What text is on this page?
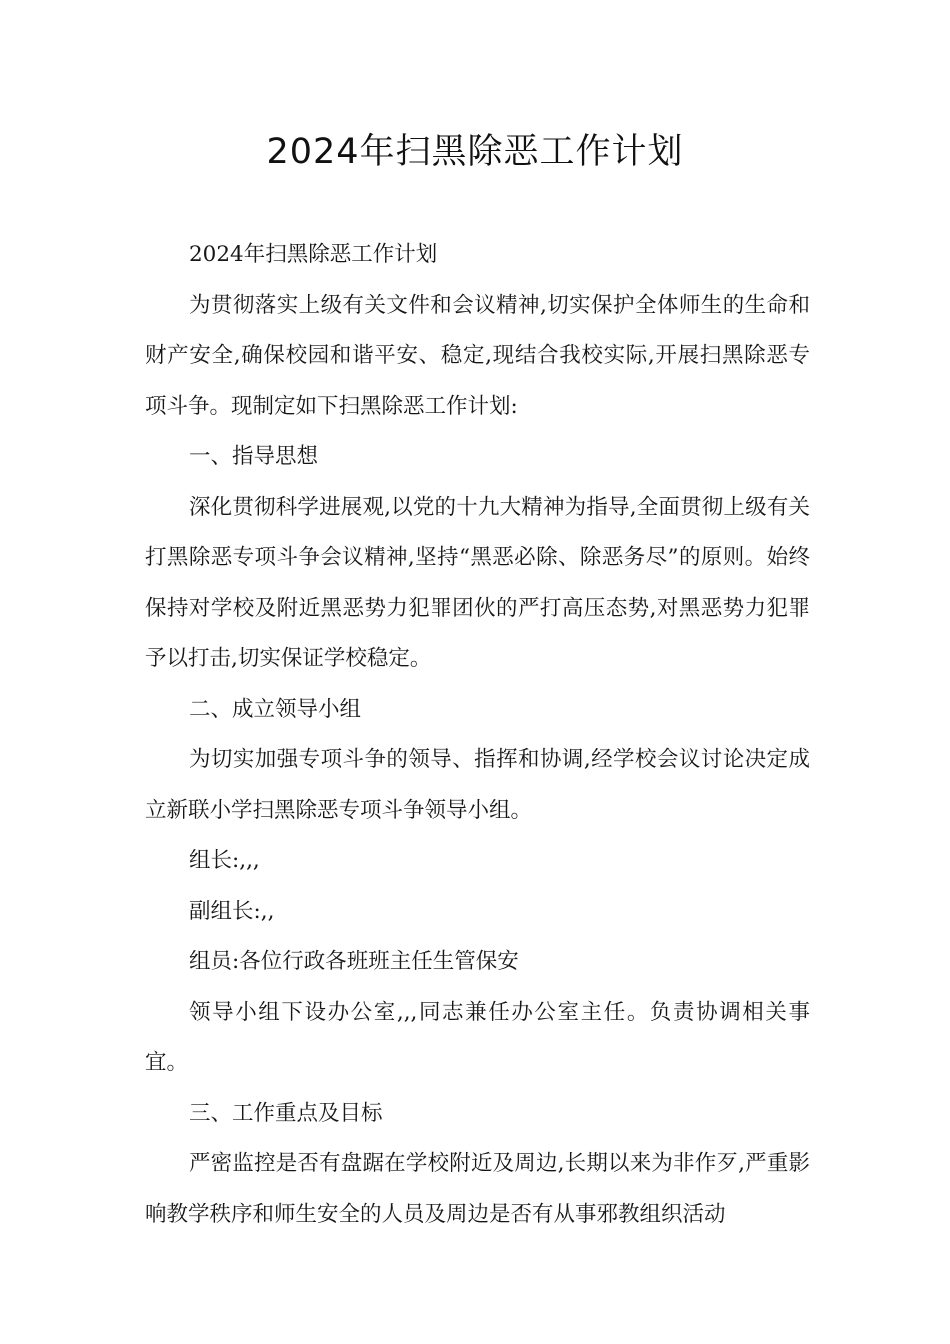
2024年扫黑除恶工作计划

2024年扫黑除恶工作计划

为贯彻落实上级有关文件和会议精神,切实保护全体师生的生命和财产安全,确保校园和谐平安、稳定,现结合我校实际,开展扫黑除恶专项斗争。现制定如下扫黑除恶工作计划:

一、指导思想

深化贯彻科学进展观,以党的十九大精神为指导,全面贯彻上级有关打黑除恶专项斗争会议精神,坚持“黑恶必除、除恶务尽”的原则。始终保持对学校及附近黑恶势力犯罪团伙的严打高压态势,对黑恶势力犯罪予以打击,切实保证学校稳定。

二、成立领导小组

为切实加强专项斗争的领导、指挥和协调,经学校会议讨论决定成立新联小学扫黑除恶专项斗争领导小组。

组长:,,,

副组长:,,

组员:各位行政各班班主任生管保安

领导小组下设办公室,,,同志兼任办公室主任。负责协调相关事宜。

三、工作重点及目标

严密监控是否有盘踞在学校附近及周边,长期以来为非作歹,严重影响教学秩序和师生安全的人员及周边是否有从事邪教组织活动
